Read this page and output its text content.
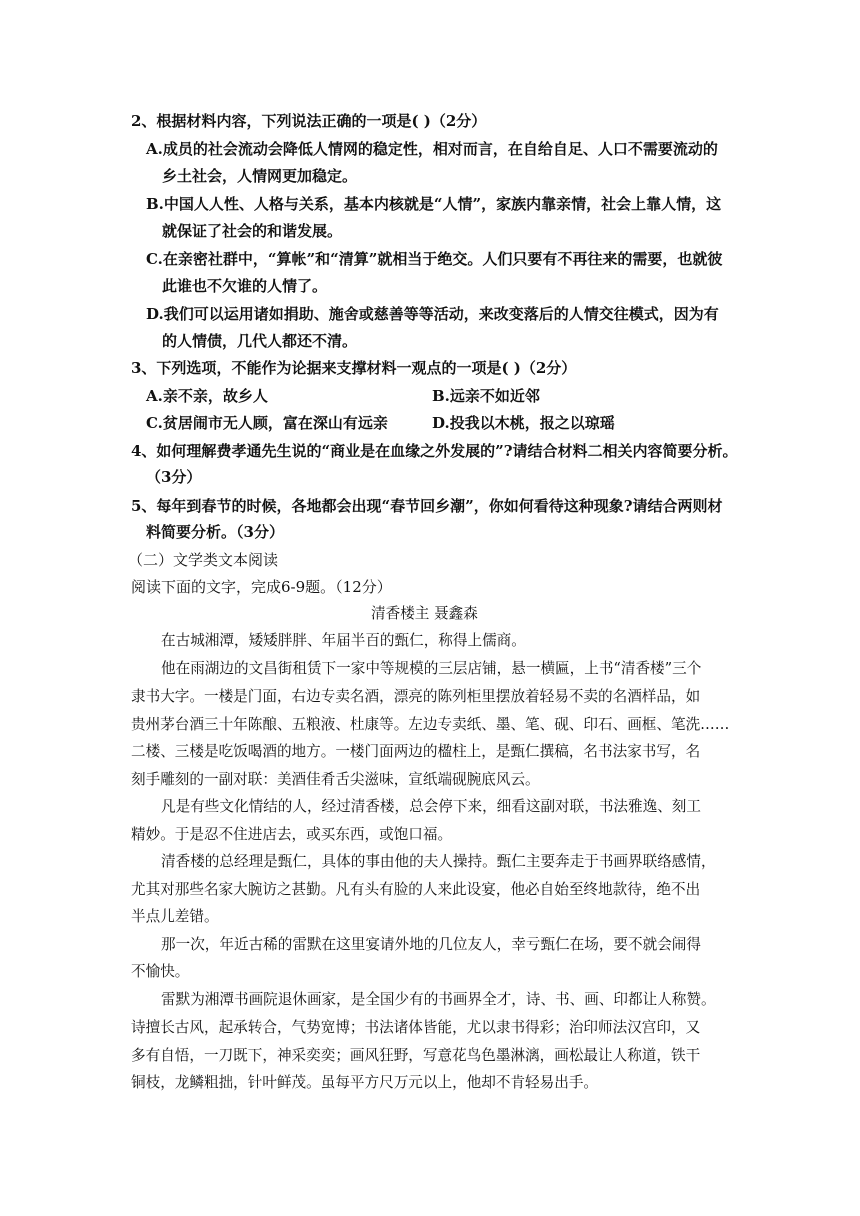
2、根据材料内容，下列说法正确的一项是( )（2分）
A.成员的社会流动会降低人情网的稳定性，相对而言，在自给自足、人口不需要流动的
乡土社会，人情网更加稳定。
B.中国人人性、人格与关系，基本内核就是“人情”，家族内靠亲情，社会上靠人情，这
就保证了社会的和谐发展。
C.在亲密社群中，“算帐”和“清算”就相当于绝交。人们只要有不再往来的需要，也就彼
此谁也不欠谁的人情了。
D.我们可以运用诸如捐助、施舍或慈善等等活动，来改变落后的人情交往模式，因为有
的人情债，几代人都还不清。
3、下列选项，不能作为论据来支撑材料一观点的一项是( )（2分）
A.亲不亲，故乡人	B.远亲不如近邻
C.贫居闹市无人顾，富在深山有远亲	D.投我以木桃，报之以琼瑶
4、如何理解费孝通先生说的“商业是在血缘之外发展的”?请结合材料二相关内容简要分析。
（3分）
5、每年到春节的时候，各地都会出现“春节回乡潮”，你如何看待这种现象?请结合两则材
料简要分析。（3分）
（二）文学类文本阅读
阅读下面的文字，完成6-9题。（12分）
清香楼主 聂鑫森
在古城湘潭，矮矮胖胖、年届半百的甄仁，称得上儒商。
他在雨湖边的文昌街租赁下一家中等规模的三层店铺，悬一横匾，上书“清香楼”三个
隶书大字。一楼是门面，右边专卖名酒，漂亮的陈列柜里摆放着轻易不卖的名酒样品，如
贵州茅台酒三十年陈酿、五粮液、杜康等。左边专卖纸、墨、笔、砚、印石、画框、笔洗……
二楼、三楼是吃饭喝酒的地方。一楼门面两边的楹柱上，是甄仁撰稿，名书法家书写，名
刻手雕刻的一副对联：美酒佳肴舌尖滋味，宣纸端砚腕底风云。
凡是有些文化情结的人，经过清香楼，总会停下来，细看这副对联，书法雅逸、刻工
精妙。于是忍不住进店去，或买东西，或饱口福。
清香楼的总经理是甄仁，具体的事由他的夫人操持。甄仁主要奔走于书画界联络感情，
尤其对那些名家大腕访之甚勤。凡有头有脸的人来此设宴，他必自始至终地款待，绝不出
半点儿差错。
那一次，年近古稀的雷默在这里宴请外地的几位友人，幸亏甄仁在场，要不就会闹得
不愉快。
雷默为湘潭书画院退休画家，是全国少有的书画界全才，诗、书、画、印都让人称赞。
诗擅长古风，起承转合，气势宽博；书法诸体皆能，尤以隶书得彩；治印师法汉宫印，又
多有自悟，一刀既下，神采奕奕；画风狂野，写意花鸟色墨淋漓，画松最让人称道，铁干
铜枝，龙鳞粗拙，针叶鲜茂。虽每平方尺万元以上，他却不肯轻易出手。
